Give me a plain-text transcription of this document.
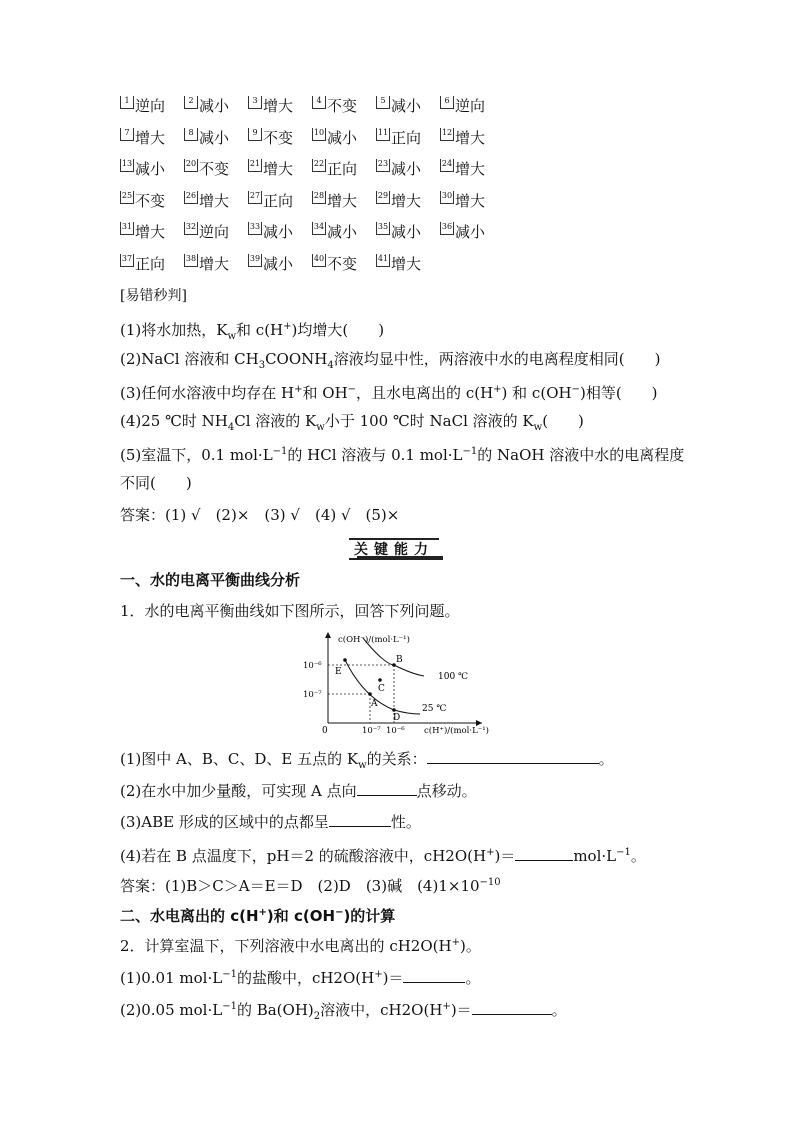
1 逆向	2 减小	3 增大	4 不变	5 减小	6 逆向
7 增大	8 减小	9 不变	10 减小	11 正向	12 增大
13 减小	20 不变	21 增大	22 正向	23 减小	24 增大
25 不变	26 增大	27 正向	28 增大	29 增大	30 增大
31 增大	32 逆向	33 减小	34 减小	35 减小	36 减小
37 正向	38 增大	39 减小	40 不变	41 增大
[易错秒判]
(1)将水加热，$K_w$和 c(H+)均增大(　　)
(2)NaCl 溶液和 $CH_3COONH_4$溶液均显中性，两溶液中水的电离程度相同(　　)
(3)任何水溶液中均存在 H+和 OH−，且水电离出的 c(H+) 和 c(OH−)相等(　　)
(4)25 ℃时 $NH_4Cl$ 溶液的 $K_w$小于 100 ℃时 NaCl 溶液的 $K_w$(　　)
(5)室温下，0.1 $mol\cdot L^{-1}$的 HCl 溶液与 0.1 $mol\cdot L^{-1}$的 NaOH 溶液中水的电离程度
不同(　　)
答案：(1) √　(2)×　(3) √　(4) √　(5)×
关键能力
一、水的电离平衡曲线分析
1．水的电离平衡曲线如下图所示，回答下列问题。
c(OH⁻)/(mol·L⁻¹)
c(H⁺)/(mol·L⁻¹)
0	10⁻⁷ 10⁻⁶
10⁻⁷
10⁻⁶
A
B
C
D
E	100 ℃
25 ℃
(1)图中 A、B、C、D、E 五点的 $K_w$的关系：	。
(2)在水中加少量酸，可实现 A 点向	点移动。
(3)ABE 形成的区域中的点都呈	性。
(4)若在 B 点温度下，pH＝2 的硫酸溶液中，cH2O(H+)＝	$mol\cdot L^{-1}$。
答案：(1)B＞C＞A＝E＝D　(2)D　(3)碱　$(4)1\times 10^{-10}$
二、水电离出的 c(H+)和 c(OH−)的计算
2．计算室温下，下列溶液中水电离出的 cH2O(H+)。
(1)0.01 $mol\cdot L^{-1}$的盐酸中，cH2O(H+)＝	。
(2)0.05 $mol\cdot L^{-1}$的 $Ba(OH)_2$溶液中，cH2O(H+)＝	。
